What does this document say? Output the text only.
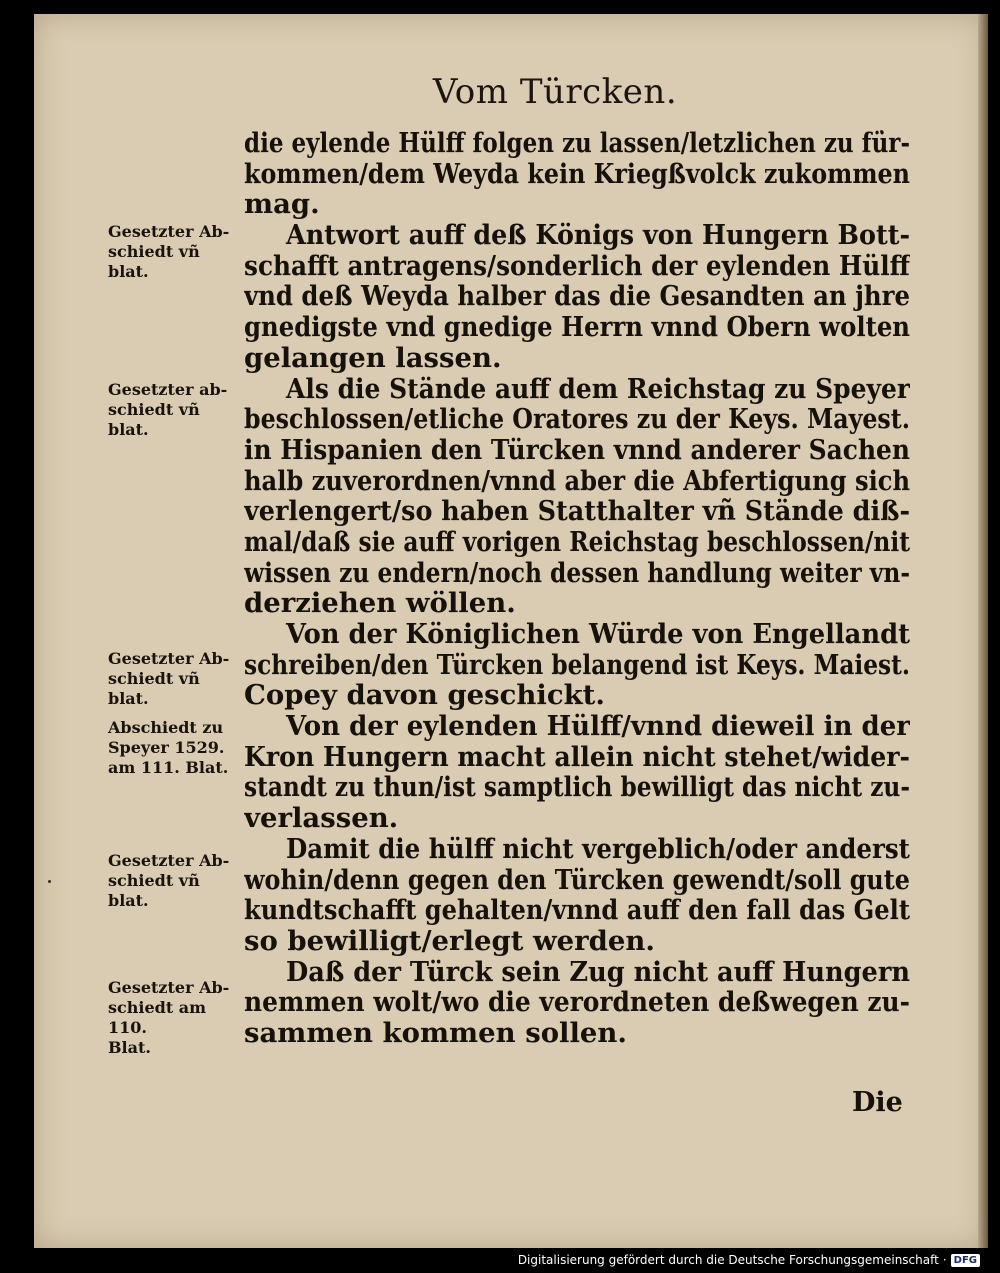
Vom Türcken.
die eylende Hülff folgen zu lassen/letzlichen zu für-
kommen/dem Weyda kein Kriegßvolck zukommen
mag.
Antwort auff deß Königs von Hungern Bott-
schafft antragens/sonderlich der eylenden Hülff
vnd deß Weyda halber das die Gesandten an jhre
gnedigste vnd gnedige Herrn vnnd Obern wolten
gelangen lassen.
Als die Stände auff dem Reichstag zu Speyer
beschlossen/etliche Oratores zu der Keys. Mayest.
in Hispanien den Türcken vnnd anderer Sachen
halb zuverordnen/vnnd aber die Abfertigung sich
verlengert/so haben Statthalter vñ Stände diß-
mal/daß sie auff vorigen Reichstag beschlossen/nit
wissen zu endern/noch dessen handlung weiter vn-
derziehen wöllen.
Von der Königlichen Würde von Engellandt
schreiben/den Türcken belangend ist Keys. Maiest.
Copey davon geschickt.
Von der eylenden Hülff/vnnd dieweil in der
Kron Hungern macht allein nicht stehet/wider-
standt zu thun/ist samptlich bewilligt das nicht zu-
verlassen.
Damit die hülff nicht vergeblich/oder anderst
wohin/denn gegen den Türcken gewendt/soll gute
kundtschafft gehalten/vnnd auff den fall das Gelt
so bewilligt/erlegt werden.
Daß der Türck sein Zug nicht auff Hungern
nemmen wolt/wo die verordneten deßwegen zu-
sammen kommen sollen.
Gesetzter Ab-
schiedt vñ blat.
Gesetzter ab-
schiedt vñ blat.
Gesetzter Ab-
schiedt vñ blat.
Abschiedt zu
Speyer 1529.
am 111. Blat.
Gesetzter Ab-
schiedt vñ blat.
Gesetzter Ab-
schiedt am 110.
Blat.
Die
Digitalisierung gefördert durch die Deutsche Forschungsgemeinschaft · DFG
